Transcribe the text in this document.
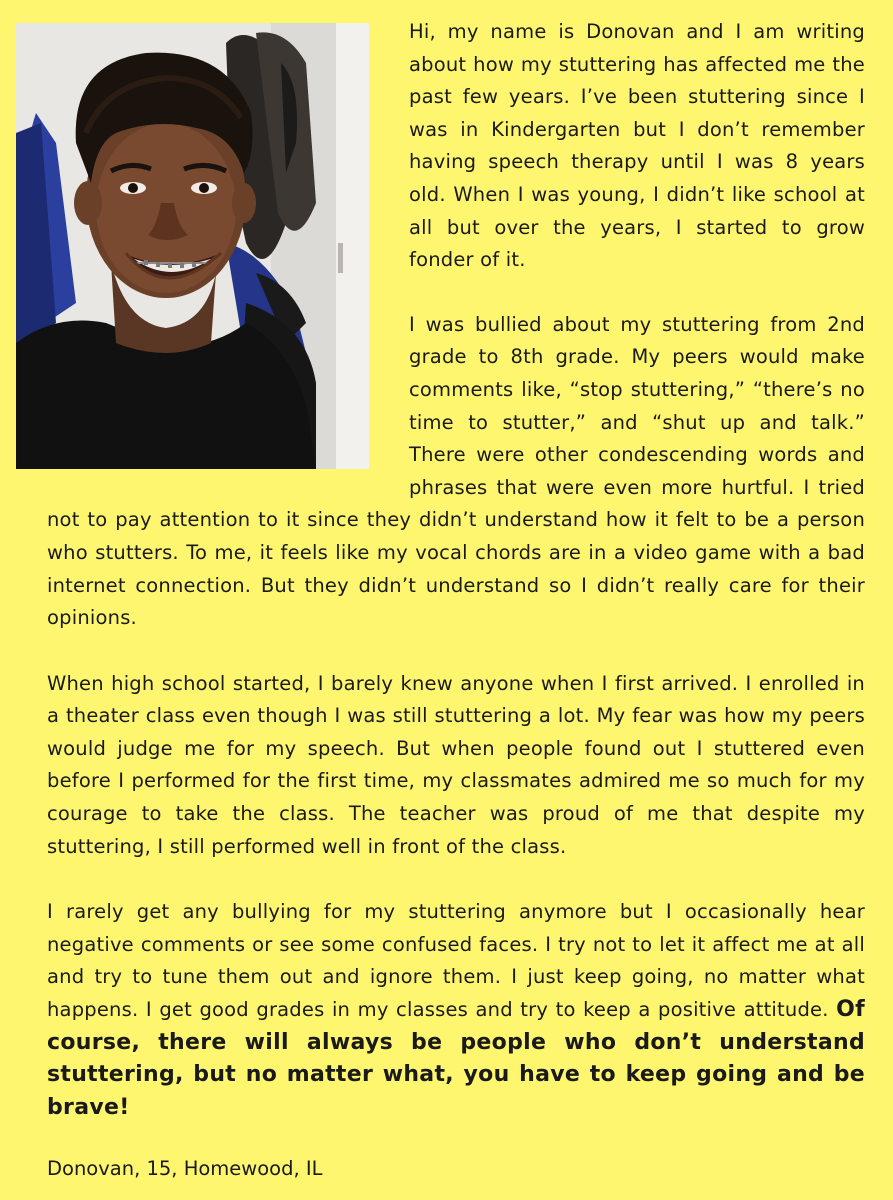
Hi, my name is Donovan and I am writing about how my stuttering has affected me the past few years. I’ve been stuttering since I was in Kindergarten but I don’t remember having speech therapy until I was 8 years old. When I was young, I didn’t like school at all but over the years, I started to grow fonder of it.

I was bullied about my stuttering from 2nd grade to 8th grade. My peers would make comments like, “stop stuttering,” “there’s no time to stutter,” and “shut up and talk.” There were other condescending words and phrases that were even more hurtful. I tried not to pay attention to it since they didn’t understand how it felt to be a person who stutters. To me, it feels like my vocal chords are in a video game with a bad internet connection. But they didn’t understand so I didn’t really care for their opinions.

When high school started, I barely knew anyone when I first arrived. I enrolled in a theater class even though I was still stuttering a lot. My fear was how my peers would judge me for my speech. But when people found out I stuttered even before I performed for the first time, my classmates admired me so much for my courage to take the class. The teacher was proud of me that despite my stuttering, I still performed well in front of the class.

I rarely get any bullying for my stuttering anymore but I occasionally hear negative comments or see some confused faces. I try not to let it affect me at all and try to tune them out and ignore them. I just keep going, no matter what happens. I get good grades in my classes and try to keep a positive attitude. Of course, there will always be people who don’t understand stuttering, but no matter what, you have to keep going and be brave!

Donovan, 15, Homewood, IL
